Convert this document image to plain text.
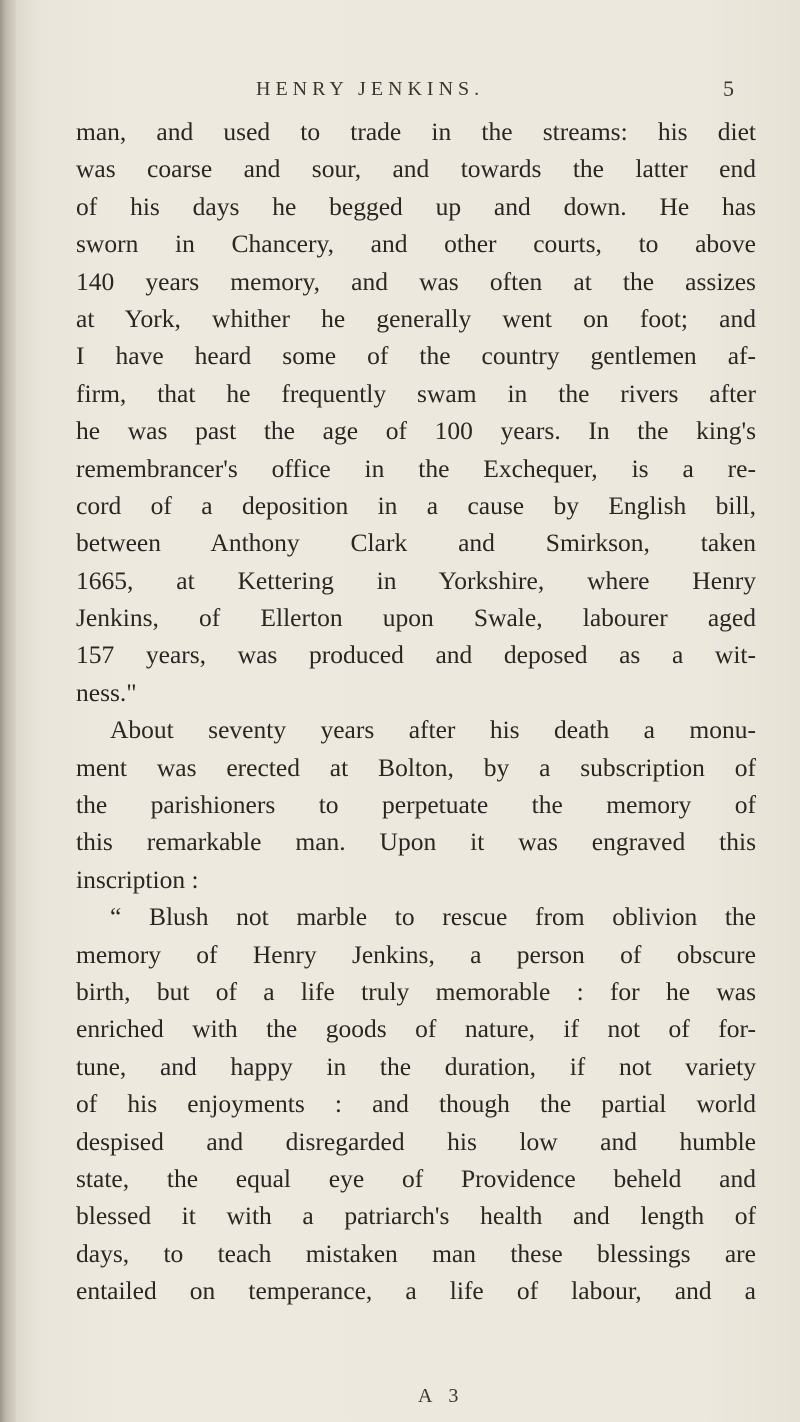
HENRY JENKINS.	5
man, and used to trade in the streams: his diet
was coarse and sour, and towards the latter end
of his days he begged up and down. He has
sworn in Chancery, and other courts, to above
140 years memory, and was often at the assizes
at York, whither he generally went on foot; and
I have heard some of the country gentlemen af-
firm, that he frequently swam in the rivers after
he was past the age of 100 years. In the king's
remembrancer's office in the Exchequer, is a re-
cord of a deposition in a cause by English bill,
between Anthony Clark and Smirkson, taken
1665, at Kettering in Yorkshire, where Henry
Jenkins, of Ellerton upon Swale, labourer aged
157 years, was produced and deposed as a wit-
ness."
About seventy years after his death a monu-
ment was erected at Bolton, by a subscription of
the parishioners to perpetuate the memory of
this remarkable man. Upon it was engraved this
inscription :
“ Blush not marble to rescue from oblivion the
memory of Henry Jenkins, a person of obscure
birth, but of a life truly memorable : for he was
enriched with the goods of nature, if not of for-
tune, and happy in the duration, if not variety
of his enjoyments : and though the partial world
despised and disregarded his low and humble
state, the equal eye of Providence beheld and
blessed it with a patriarch's health and length of
days, to teach mistaken man these blessings are
entailed on temperance, a life of labour, and a
A 3
